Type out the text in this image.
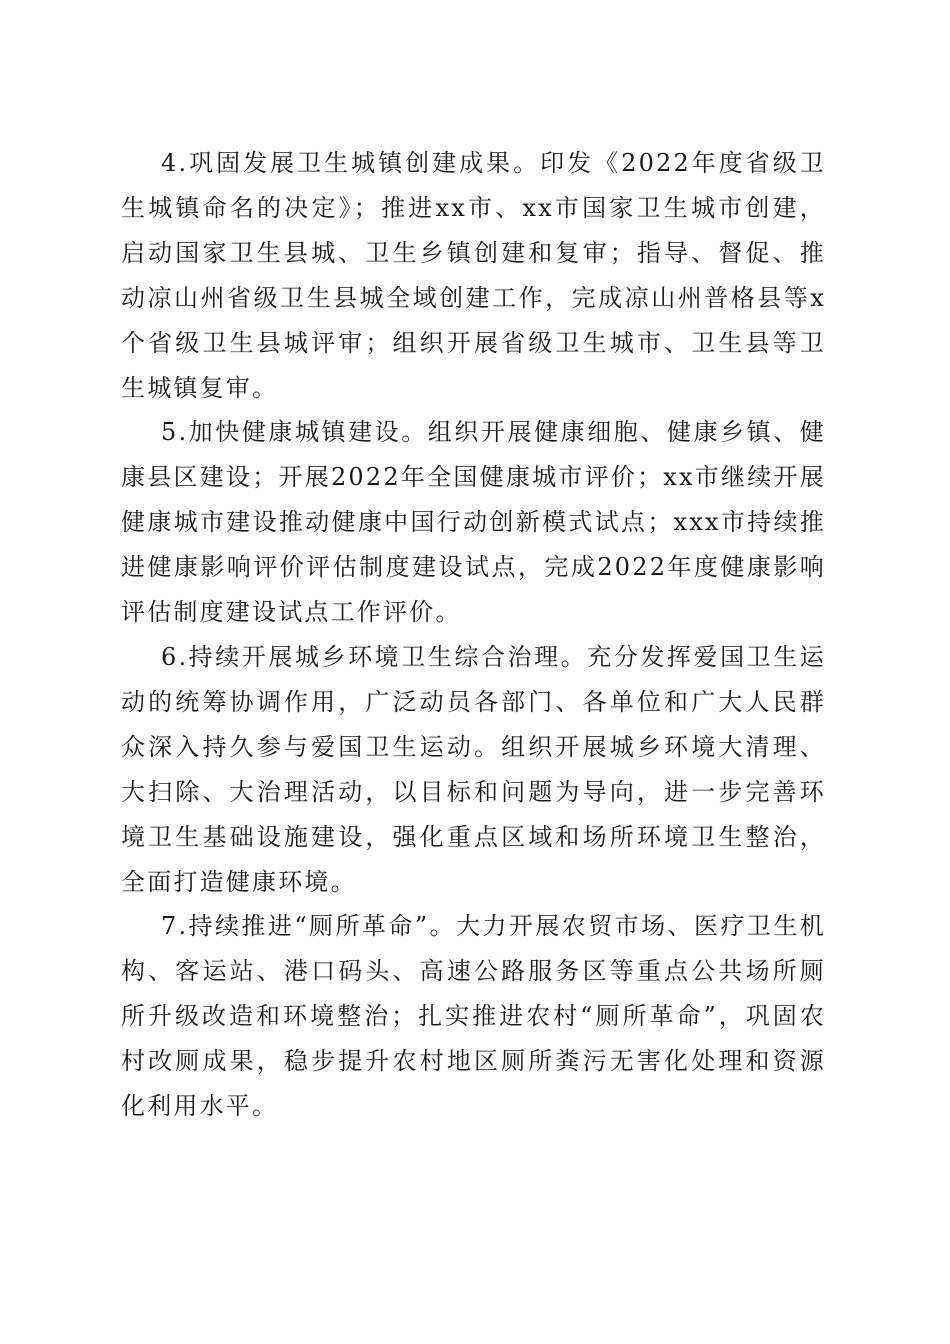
4.巩固发展卫生城镇创建成果。印发《2022年度省级卫生城镇命名的决定》；推进xx市、xx市国家卫生城市创建，启动国家卫生县城、卫生乡镇创建和复审；指导、督促、推动凉山州省级卫生县城全域创建工作，完成凉山州普格县等x个省级卫生县城评审；组织开展省级卫生城市、卫生县等卫生城镇复审。

5.加快健康城镇建设。组织开展健康细胞、健康乡镇、健康县区建设；开展2022年全国健康城市评价；xx市继续开展健康城市建设推动健康中国行动创新模式试点；xxx市持续推进健康影响评价评估制度建设试点，完成2022年度健康影响评估制度建设试点工作评价。

6.持续开展城乡环境卫生综合治理。充分发挥爱国卫生运动的统筹协调作用，广泛动员各部门、各单位和广大人民群众深入持久参与爱国卫生运动。组织开展城乡环境大清理、大扫除、大治理活动，以目标和问题为导向，进一步完善环境卫生基础设施建设，强化重点区域和场所环境卫生整治，全面打造健康环境。

7.持续推进“厕所革命”。大力开展农贸市场、医疗卫生机构、客运站、港口码头、高速公路服务区等重点公共场所厕所升级改造和环境整治；扎实推进农村“厕所革命”，巩固农村改厕成果，稳步提升农村地区厕所粪污无害化处理和资源化利用水平。
